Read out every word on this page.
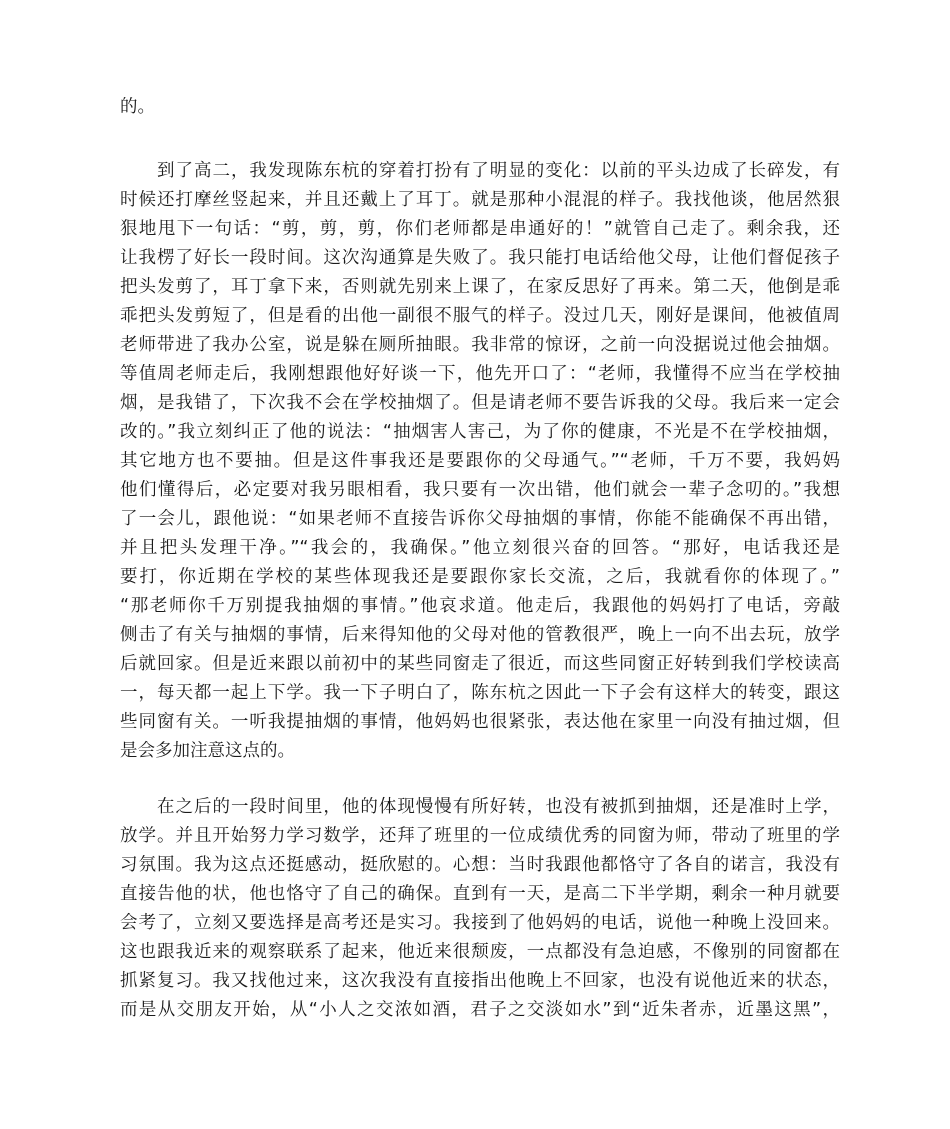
的。
到了高二，我发现陈东杭的穿着打扮有了明显的变化：以前的平头边成了长碎发，有
时候还打摩丝竖起来，并且还戴上了耳丁。就是那种小混混的样子。我找他谈，他居然狠
狠地甩下一句话：“剪，剪，剪，你们老师都是串通好的！”就管自己走了。剩余我，还
让我楞了好长一段时间。这次沟通算是失败了。我只能打电话给他父母，让他们督促孩子
把头发剪了，耳丁拿下来，否则就先别来上课了，在家反思好了再来。第二天，他倒是乖
乖把头发剪短了，但是看的出他一副很不服气的样子。没过几天，刚好是课间，他被值周
老师带进了我办公室，说是躲在厕所抽眼。我非常的惊讶，之前一向没据说过他会抽烟。
等值周老师走后，我刚想跟他好好谈一下，他先开口了：“老师，我懂得不应当在学校抽
烟，是我错了，下次我不会在学校抽烟了。但是请老师不要告诉我的父母。我后来一定会
改的。”我立刻纠正了他的说法：“抽烟害人害己，为了你的健康，不光是不在学校抽烟，
其它地方也不要抽。但是这件事我还是要跟你的父母通气。”“老师，千万不要，我妈妈
他们懂得后，必定要对我另眼相看，我只要有一次出错，他们就会一辈子念叨的。”我想
了一会儿，跟他说：“如果老师不直接告诉你父母抽烟的事情，你能不能确保不再出错，
并且把头发理干净。”“我会的，我确保。”他立刻很兴奋的回答。“那好，电话我还是
要打，你近期在学校的某些体现我还是要跟你家长交流，之后，我就看你的体现了。”
“那老师你千万别提我抽烟的事情。”他哀求道。他走后，我跟他的妈妈打了电话，旁敲
侧击了有关与抽烟的事情，后来得知他的父母对他的管教很严，晚上一向不出去玩，放学
后就回家。但是近来跟以前初中的某些同窗走了很近，而这些同窗正好转到我们学校读高
一，每天都一起上下学。我一下子明白了，陈东杭之因此一下子会有这样大的转变，跟这
些同窗有关。一听我提抽烟的事情，他妈妈也很紧张，表达他在家里一向没有抽过烟，但
是会多加注意这点的。
在之后的一段时间里，他的体现慢慢有所好转，也没有被抓到抽烟，还是准时上学，
放学。并且开始努力学习数学，还拜了班里的一位成绩优秀的同窗为师，带动了班里的学
习氛围。我为这点还挺感动，挺欣慰的。心想：当时我跟他都恪守了各自的诺言，我没有
直接告他的状，他也恪守了自己的确保。直到有一天，是高二下半学期，剩余一种月就要
会考了，立刻又要选择是高考还是实习。我接到了他妈妈的电话，说他一种晚上没回来。
这也跟我近来的观察联系了起来，他近来很颓废，一点都没有急迫感，不像别的同窗都在
抓紧复习。我又找他过来，这次我没有直接指出他晚上不回家，也没有说他近来的状态，
而是从交朋友开始，从“小人之交浓如酒，君子之交淡如水”到“近朱者赤，近墨这黑”，
